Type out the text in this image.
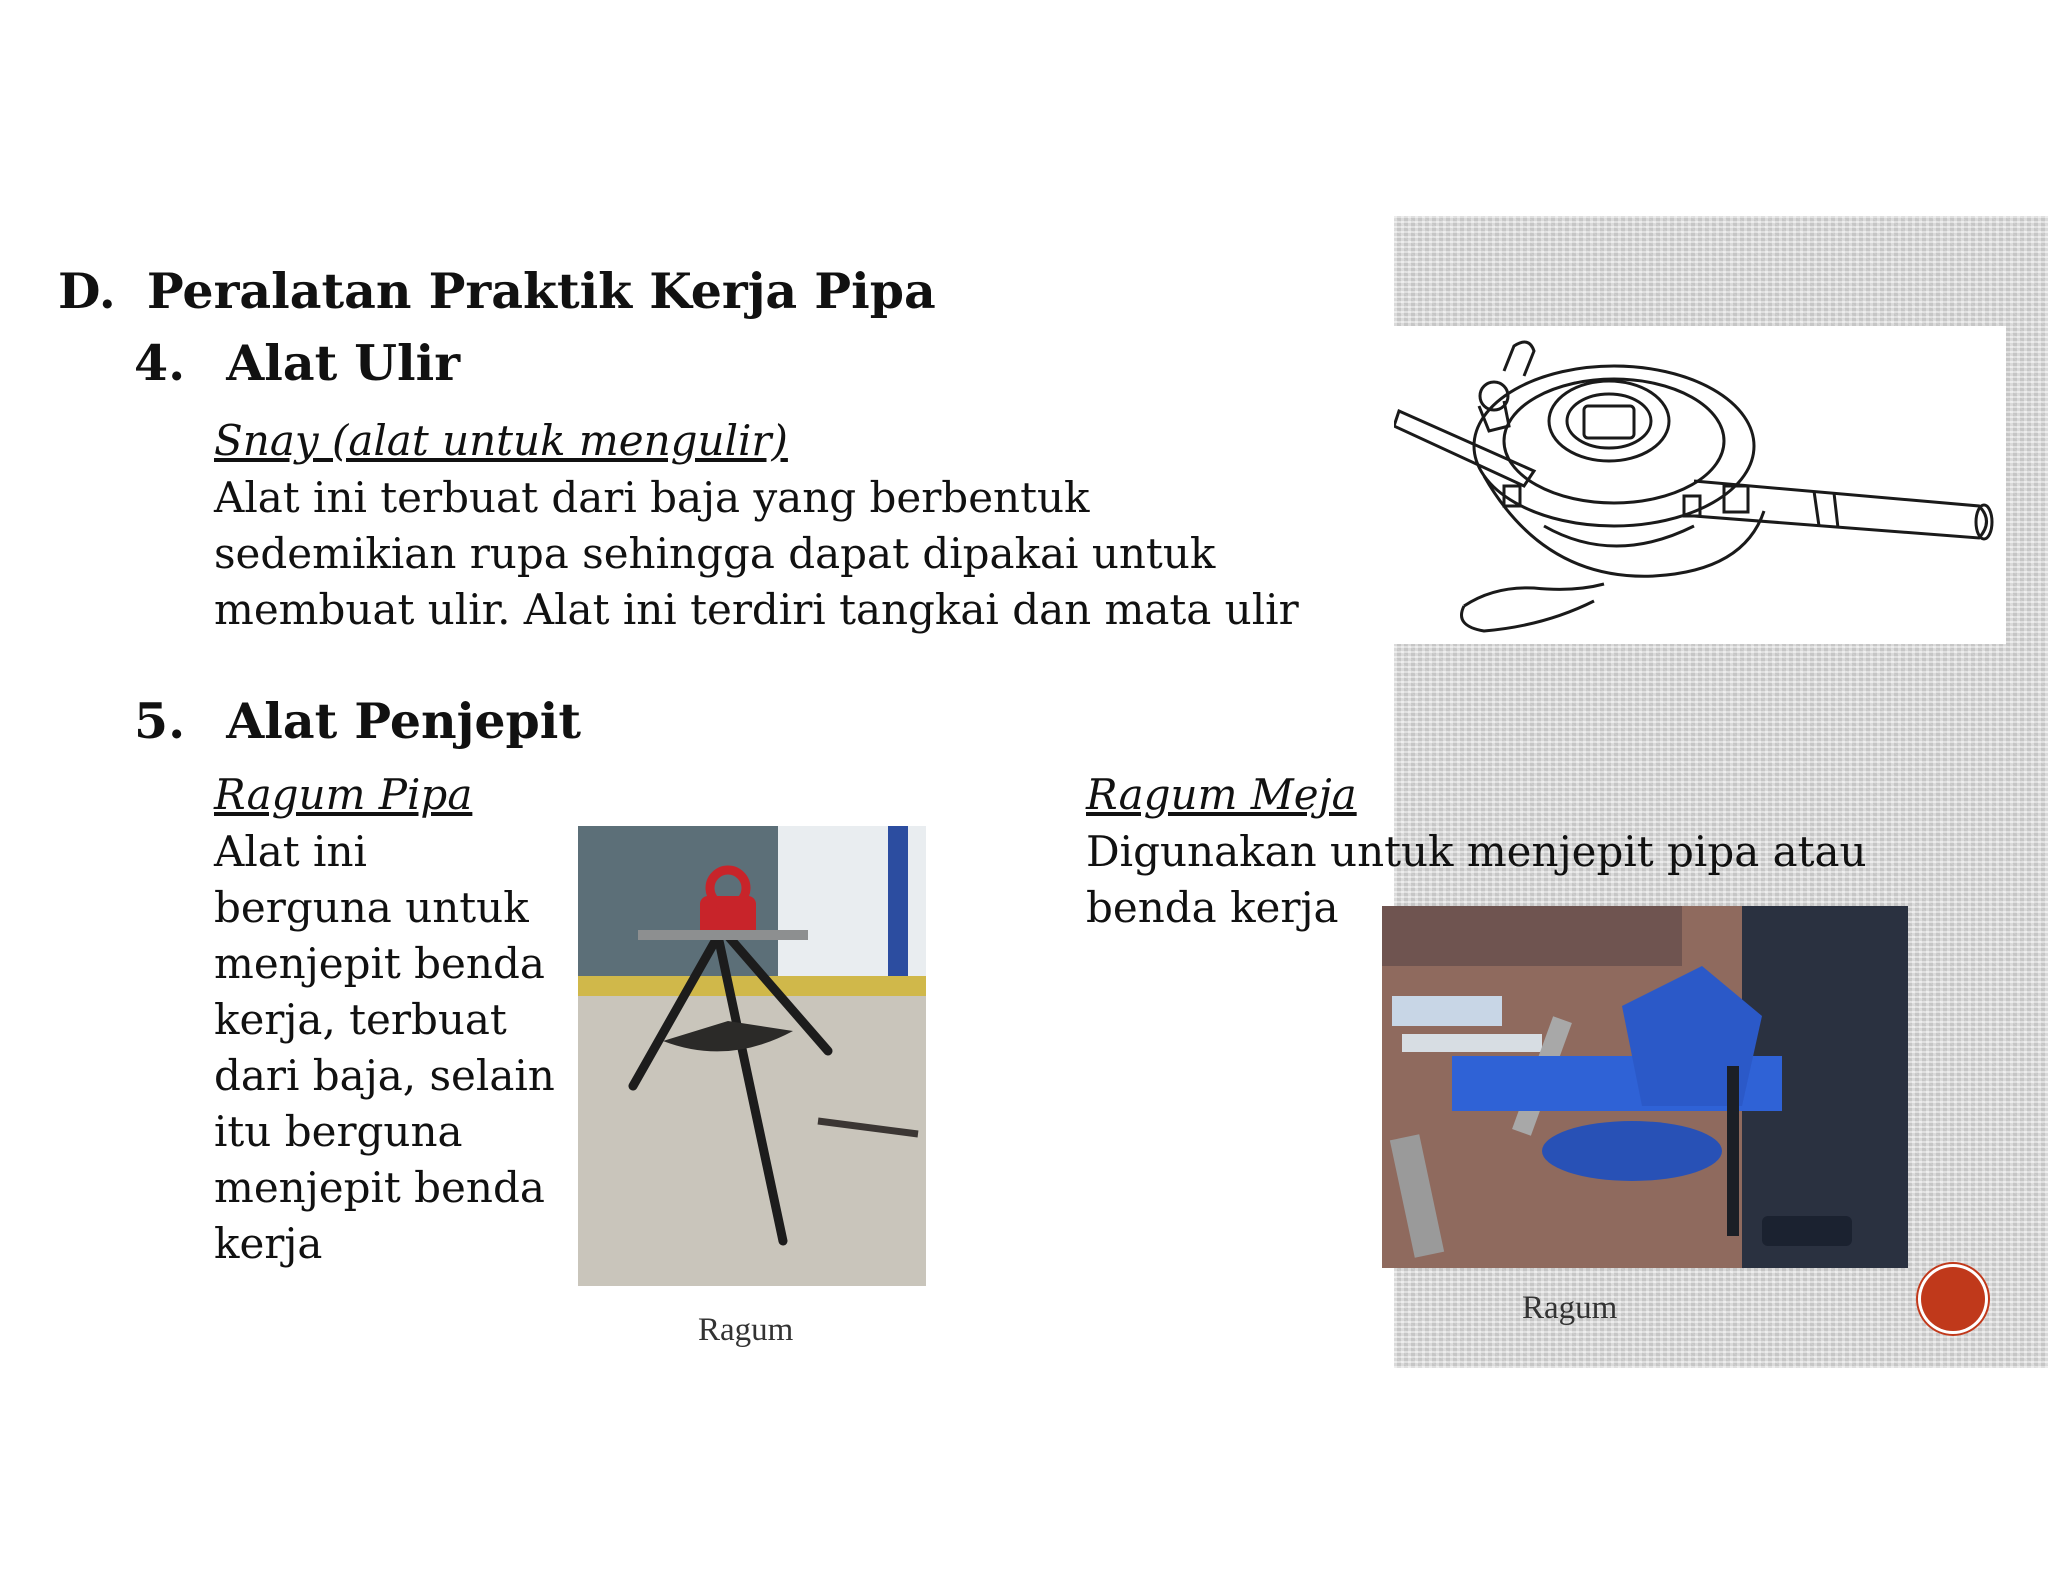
D. Peralatan Praktik Kerja Pipa
4. Alat Ulir
Snay (alat untuk mengulir)
Alat ini terbuat dari baja yang berbentuk
sedemikian rupa sehingga dapat dipakai untuk
membuat ulir. Alat ini terdiri tangkai dan mata ulir
5. Alat Penjepit
Ragum Pipa
Alat ini
berguna untuk
menjepit benda
kerja, terbuat
dari baja, selain
itu berguna
menjepit benda
kerja
Ragum
Ragum Meja
Digunakan untuk menjepit pipa atau
benda kerja
Ragum
